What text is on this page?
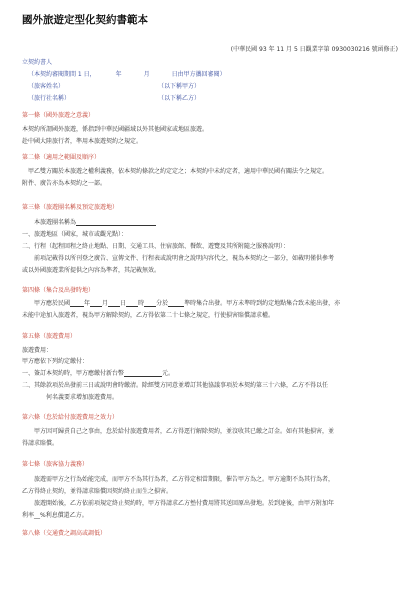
國外旅遊定型化契約書範本
(中華民國 93 年 11 月 5 日觀業字第 0930030216 號函修正)
立契約書人
（本契約審閱期間 1 日，	年	月	日由甲方攜回審閱）
（旅客姓名）	（以下稱甲方）
（旅行社名稱）	（以下稱乙方）
第一條（國外旅遊之意義）
本契約所謂國外旅遊，係指到中華民國疆域以外其他國家或地區旅遊。
赴中國大陸旅行者，準用本旅遊契約之規定。
第二條（適用之範圍及順序）
甲乙雙方關於本旅遊之權利義務，依本契約條款之約定定之；本契約中未約定者，適用中華民國有關法令之規定。
附件、廣告亦為本契約之一部。
第三條（旅遊團名稱及預定旅遊地）
本旅遊團名稱為
一、旅遊地區（國家，城市或觀光點）：
二、行程（起程回程之終止地點、日期、交通工具、住宿旅館、餐飲、遊覽及其所附隨之服務說明）：
前項記載得以所刊登之廣告、宣傳文件、行程表或說明會之說明內容代之，視為本契約之一部分，如載明僅供參考
或以外國旅遊業所提供之內容為準者，其記載無效。
第四條（集合及出發時地）
甲方應於民國 年 月 日 時 分於	準時集合出發。甲方未準時到約定地點集合致未能出發，亦
未能中途加入旅遊者，視為甲方解除契約，乙方得依第二十七條之規定，行使損害賠償請求權。
第五條（旅遊費用）
旅遊費用：
甲方應依下列約定繳付：
一、簽訂本契約時，甲方應繳付新台幣	元。
二、其餘款項於出發前三日或說明會時繳清。除經雙方同意並增訂其他協議事項於本契約第三十六條，乙方不得以任
何名義要求增加旅遊費用。
第六條（怠於給付旅遊費用之效力）
甲方因可歸責自己之事由，怠於給付旅遊費用者，乙方得逕行解除契約，並沒收其已繳之訂金。如有其他損害，並
得請求賠償。
第七條（旅客協力義務）
旅遊需甲方之行為始能完成，而甲方不為其行為者，乙方得定相當期限，催告甲方為之。甲方逾期不為其行為者，
乙方得終止契約，並得請求賠償因契約終止而生之損害。
旅遊開始後，乙方依前項規定終止契約時，甲方得請求乙方墊付費用將其送回原出發地。於到達後，由甲方附加年
利率__%利息償還乙方。
第八條（交通費之調高或調低）
